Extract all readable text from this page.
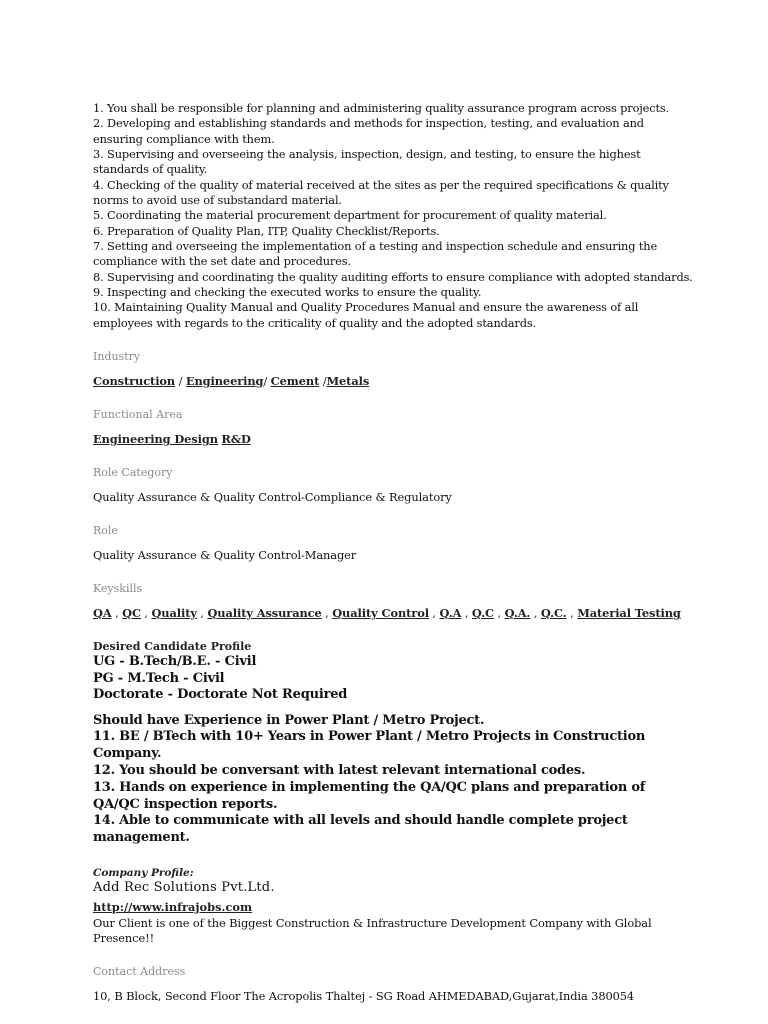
1. You shall be responsible for planning and administering quality assurance program across projects.

2. Developing and establishing standards and methods for inspection, testing, and evaluation and ensuring compliance with them.

3. Supervising and overseeing the analysis, inspection, design, and testing, to ensure the highest standards of quality.

4. Checking of the quality of material received at the sites as per the required specifications & quality norms to avoid use of substandard material.

5. Coordinating the material procurement department for procurement of quality material.

6. Preparation of Quality Plan, ITP, Quality Checklist/Reports.

7. Setting and overseeing the implementation of a testing and inspection schedule and ensuring the compliance with the set date and procedures.

8. Supervising and coordinating the quality auditing efforts to ensure compliance with adopted standards.

9. Inspecting and checking the executed works to ensure the quality.

10. Maintaining Quality Manual and Quality Procedures Manual and ensure the awareness of all employees with regards to the criticality of quality and the adopted standards.

Industry
Construction / Engineering/ Cement /Metals
Functional Area
Engineering Design R&D
Role Category
Quality Assurance & Quality Control-Compliance & Regulatory
Role
Quality Assurance & Quality Control-Manager
Keyskills
QA , QC , Quality , Quality Assurance , Quality Control , Q.A , Q.C , Q.A. , Q.C. , Material Testing
Desired Candidate Profile
UG - B.Tech/B.E. - Civil
PG - M.Tech - Civil
Doctorate - Doctorate Not Required

Should have Experience in Power Plant / Metro Project.

11. BE / BTech with 10+ Years in Power Plant / Metro Projects in Construction Company.

12. You should be conversant with latest relevant international codes.

13. Hands on experience in implementing the QA/QC plans and preparation of QA/QC inspection reports.

14. Able to communicate with all levels and should handle complete project management.

Company Profile:
Add Rec Solutions Pvt.Ltd.
http://www.infrajobs.com
Our Client is one of the Biggest Construction & Infrastructure Development Company with Global Presence!!
Contact Address
10, B Block, Second Floor The Acropolis Thaltej - SG Road AHMEDABAD,Gujarat,India 380054
